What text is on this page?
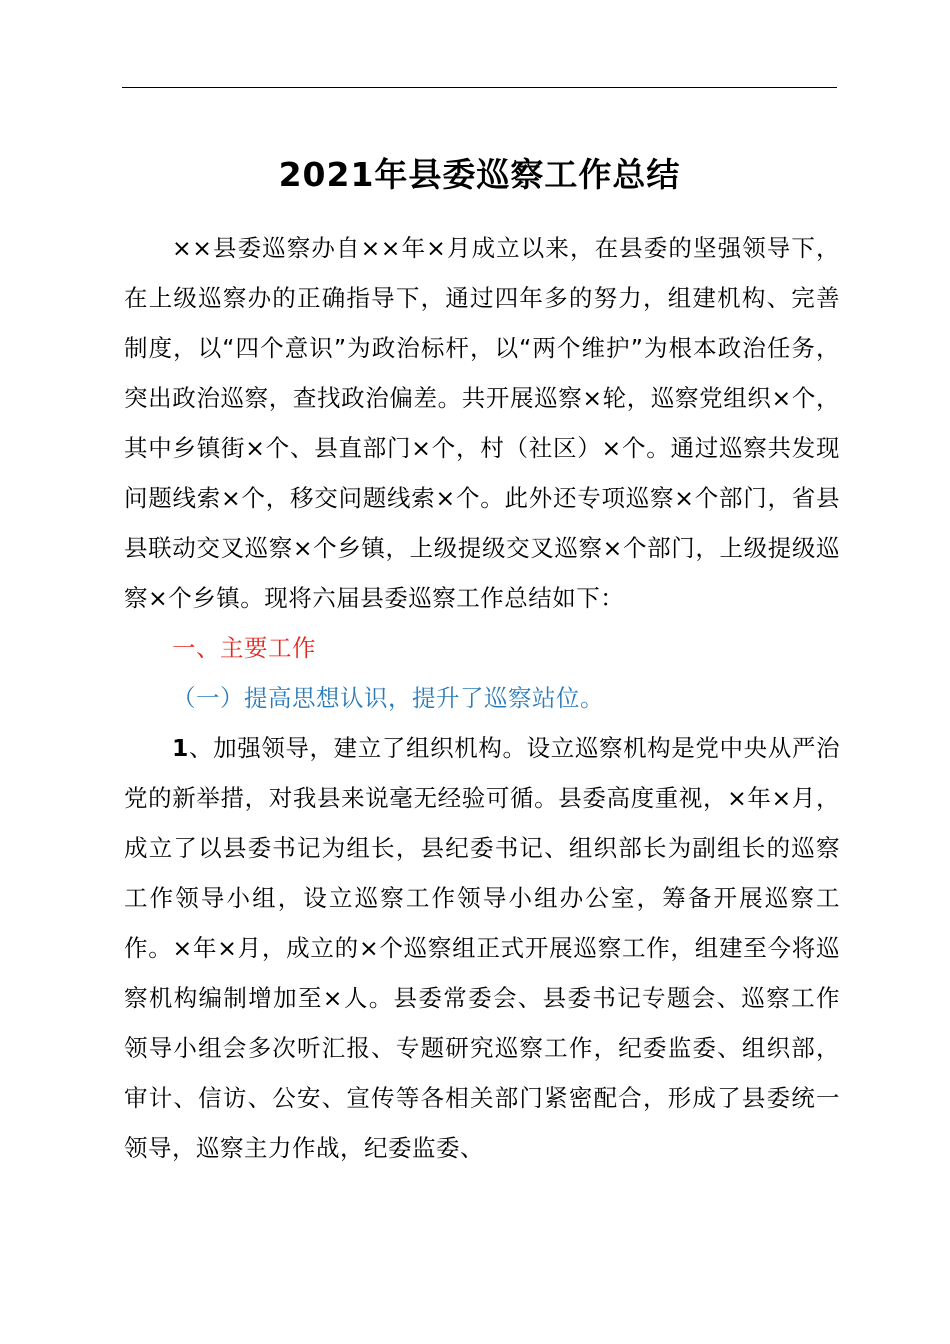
2021年县委巡察工作总结

××县委巡察办自××年×月成立以来，在县委的坚强领导下，在上级巡察办的正确指导下，通过四年多的努力，组建机构、完善制度，以“四个意识”为政治标杆，以“两个维护”为根本政治任务，突出政治巡察，查找政治偏差。共开展巡察×轮，巡察党组织×个，其中乡镇街×个、县直部门×个，村（社区）×个。通过巡察共发现问题线索×个，移交问题线索×个。此外还专项巡察×个部门，省县县联动交叉巡察×个乡镇，上级提级交叉巡察×个部门，上级提级巡察×个乡镇。现将六届县委巡察工作总结如下：

一、主要工作

（一）提高思想认识，提升了巡察站位。

1、加强领导，建立了组织机构。设立巡察机构是党中央从严治党的新举措，对我县来说毫无经验可循。县委高度重视，×年×月，成立了以县委书记为组长，县纪委书记、组织部长为副组长的巡察工作领导小组，设立巡察工作领导小组办公室，筹备开展巡察工作。×年×月，成立的×个巡察组正式开展巡察工作，组建至今将巡察机构编制增加至×人。县委常委会、县委书记专题会、巡察工作领导小组会多次听汇报、专题研究巡察工作，纪委监委、组织部，审计、信访、公安、宣传等各相关部门紧密配合，形成了县委统一领导，巡察主力作战，纪委监委、
